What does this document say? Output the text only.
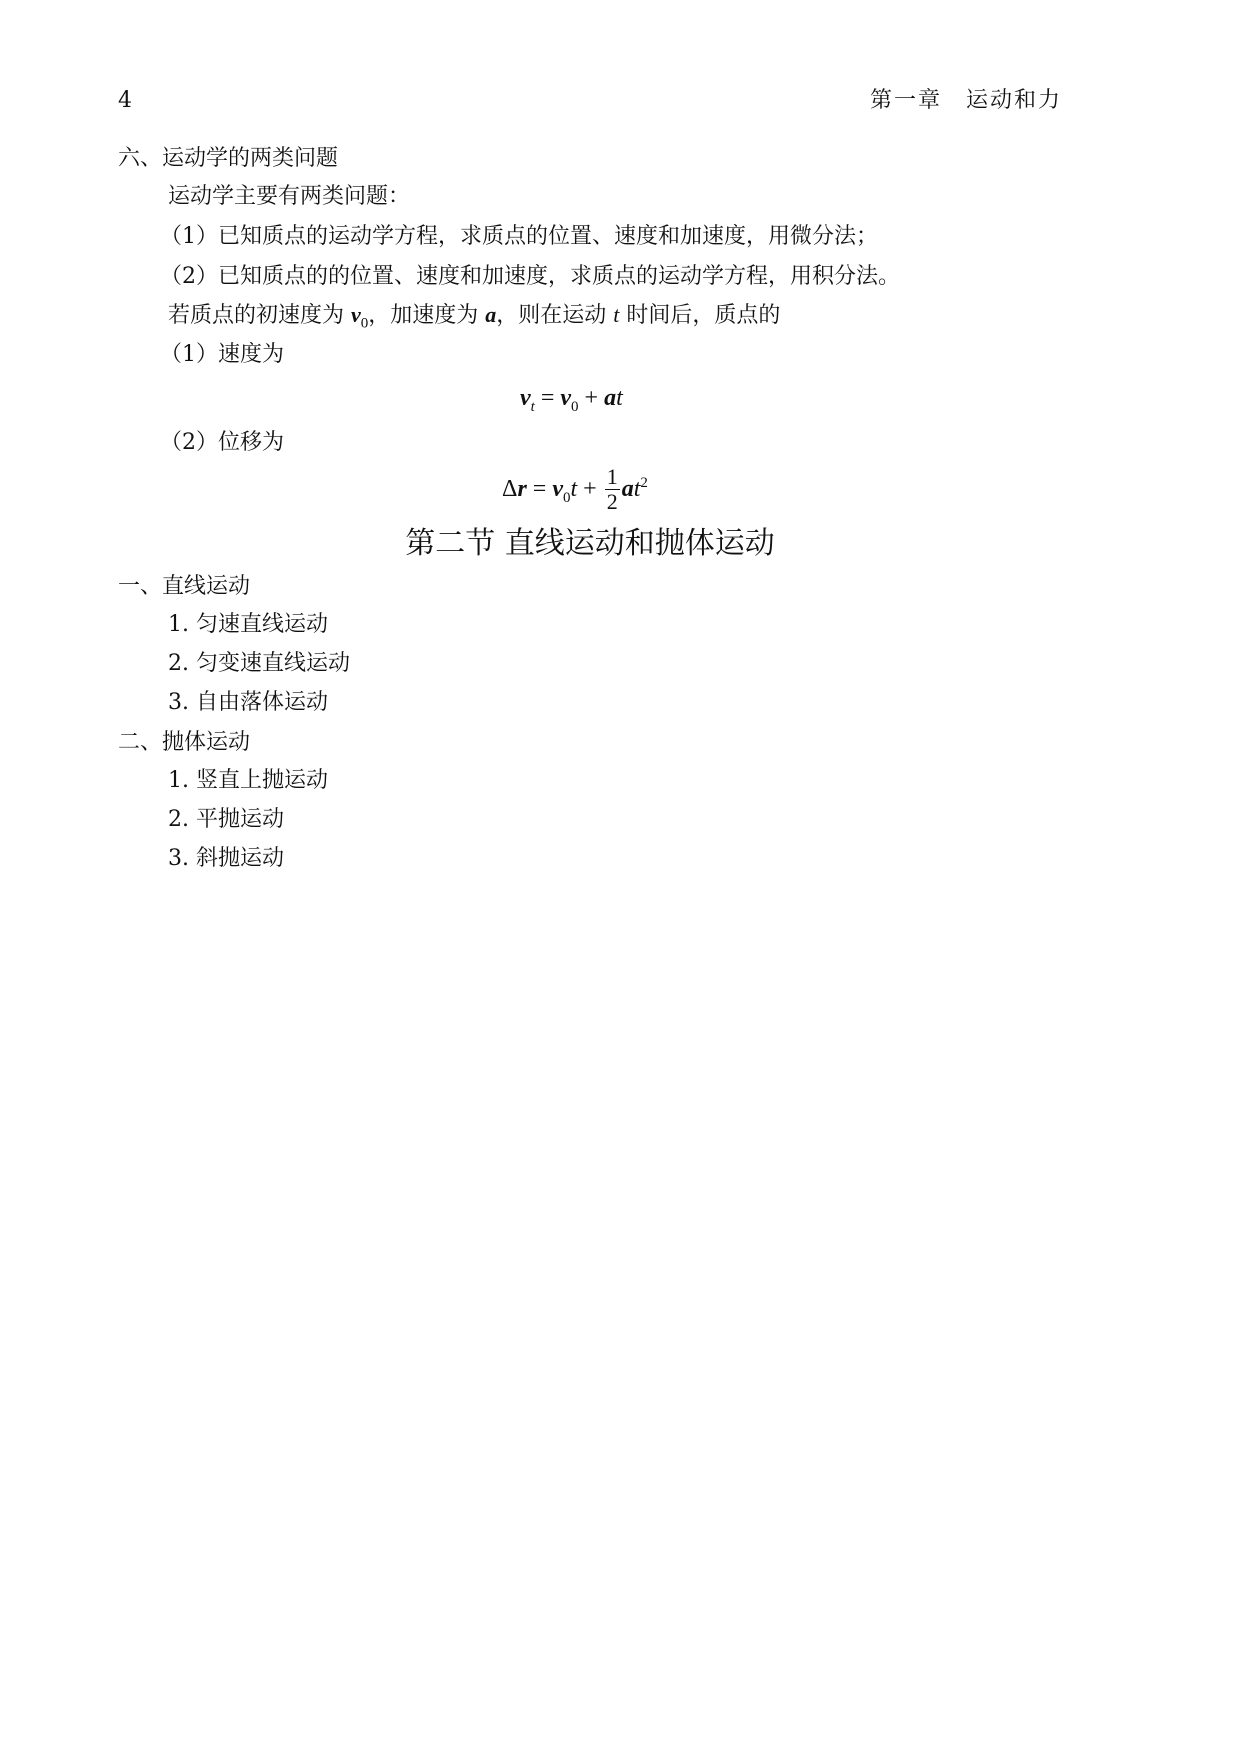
4	第一章　运动和力
六、运动学的两类问题
运动学主要有两类问题：
（1）已知质点的运动学方程，求质点的位置、速度和加速度，用微分法；
（2）已知质点的的位置、速度和加速度，求质点的运动学方程，用积分法。
若质点的初速度为 $v_0$，加速度为 a，则在运动 t 时间后，质点的
（1）速度为
$v_t = v_0$ + at
（2）位移为
$\Delta r = v_0t + \frac{1}{2} at^2$
第二节 直线运动和抛体运动
一、直线运动
1. 匀速直线运动
2. 匀变速直线运动
3. 自由落体运动
二、抛体运动
1. 竖直上抛运动
2. 平抛运动
3. 斜抛运动
